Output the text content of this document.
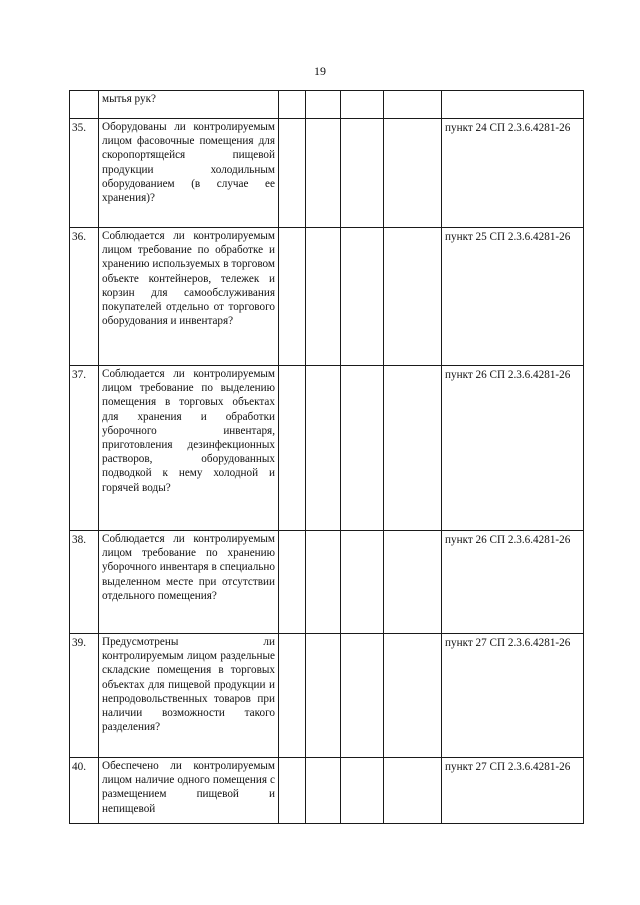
19
	мытья рук?					
35.	Оборудованы ли контролируемым лицом фасовочные помещения для скоропортящейся пищевой продукции холодильным оборудованием (в случае ее хранения)?					пункт 24 СП 2.3.6.4281-26
36.	Соблюдается ли контролируемым лицом требование по обработке и хранению используемых в торговом объекте контейнеров, тележек и корзин для самообслуживания покупателей отдельно от торгового оборудования и инвентаря?					пункт 25 СП 2.3.6.4281-26
37.	Соблюдается ли контролируемым лицом требование по выделению помещения в торговых объектах для хранения и обработки уборочного инвентаря, приготовления дезинфекционных растворов, оборудованных подводкой к нему холодной и горячей воды?					пункт 26 СП 2.3.6.4281-26
38.	Соблюдается ли контролируемым лицом требование по хранению уборочного инвентаря в специально выделенном месте при отсутствии отдельного помещения?					пункт 26 СП 2.3.6.4281-26
39.	Предусмотрены ли контролируемым лицом раздельные складские помещения в торговых объектах для пищевой продукции и непродовольственных товаров при наличии возможности такого разделения?					пункт 27 СП 2.3.6.4281-26
40.	Обеспечено ли контролируемым лицом наличие одного помещения с размещением пищевой и непищевой					пункт 27 СП 2.3.6.4281-26
